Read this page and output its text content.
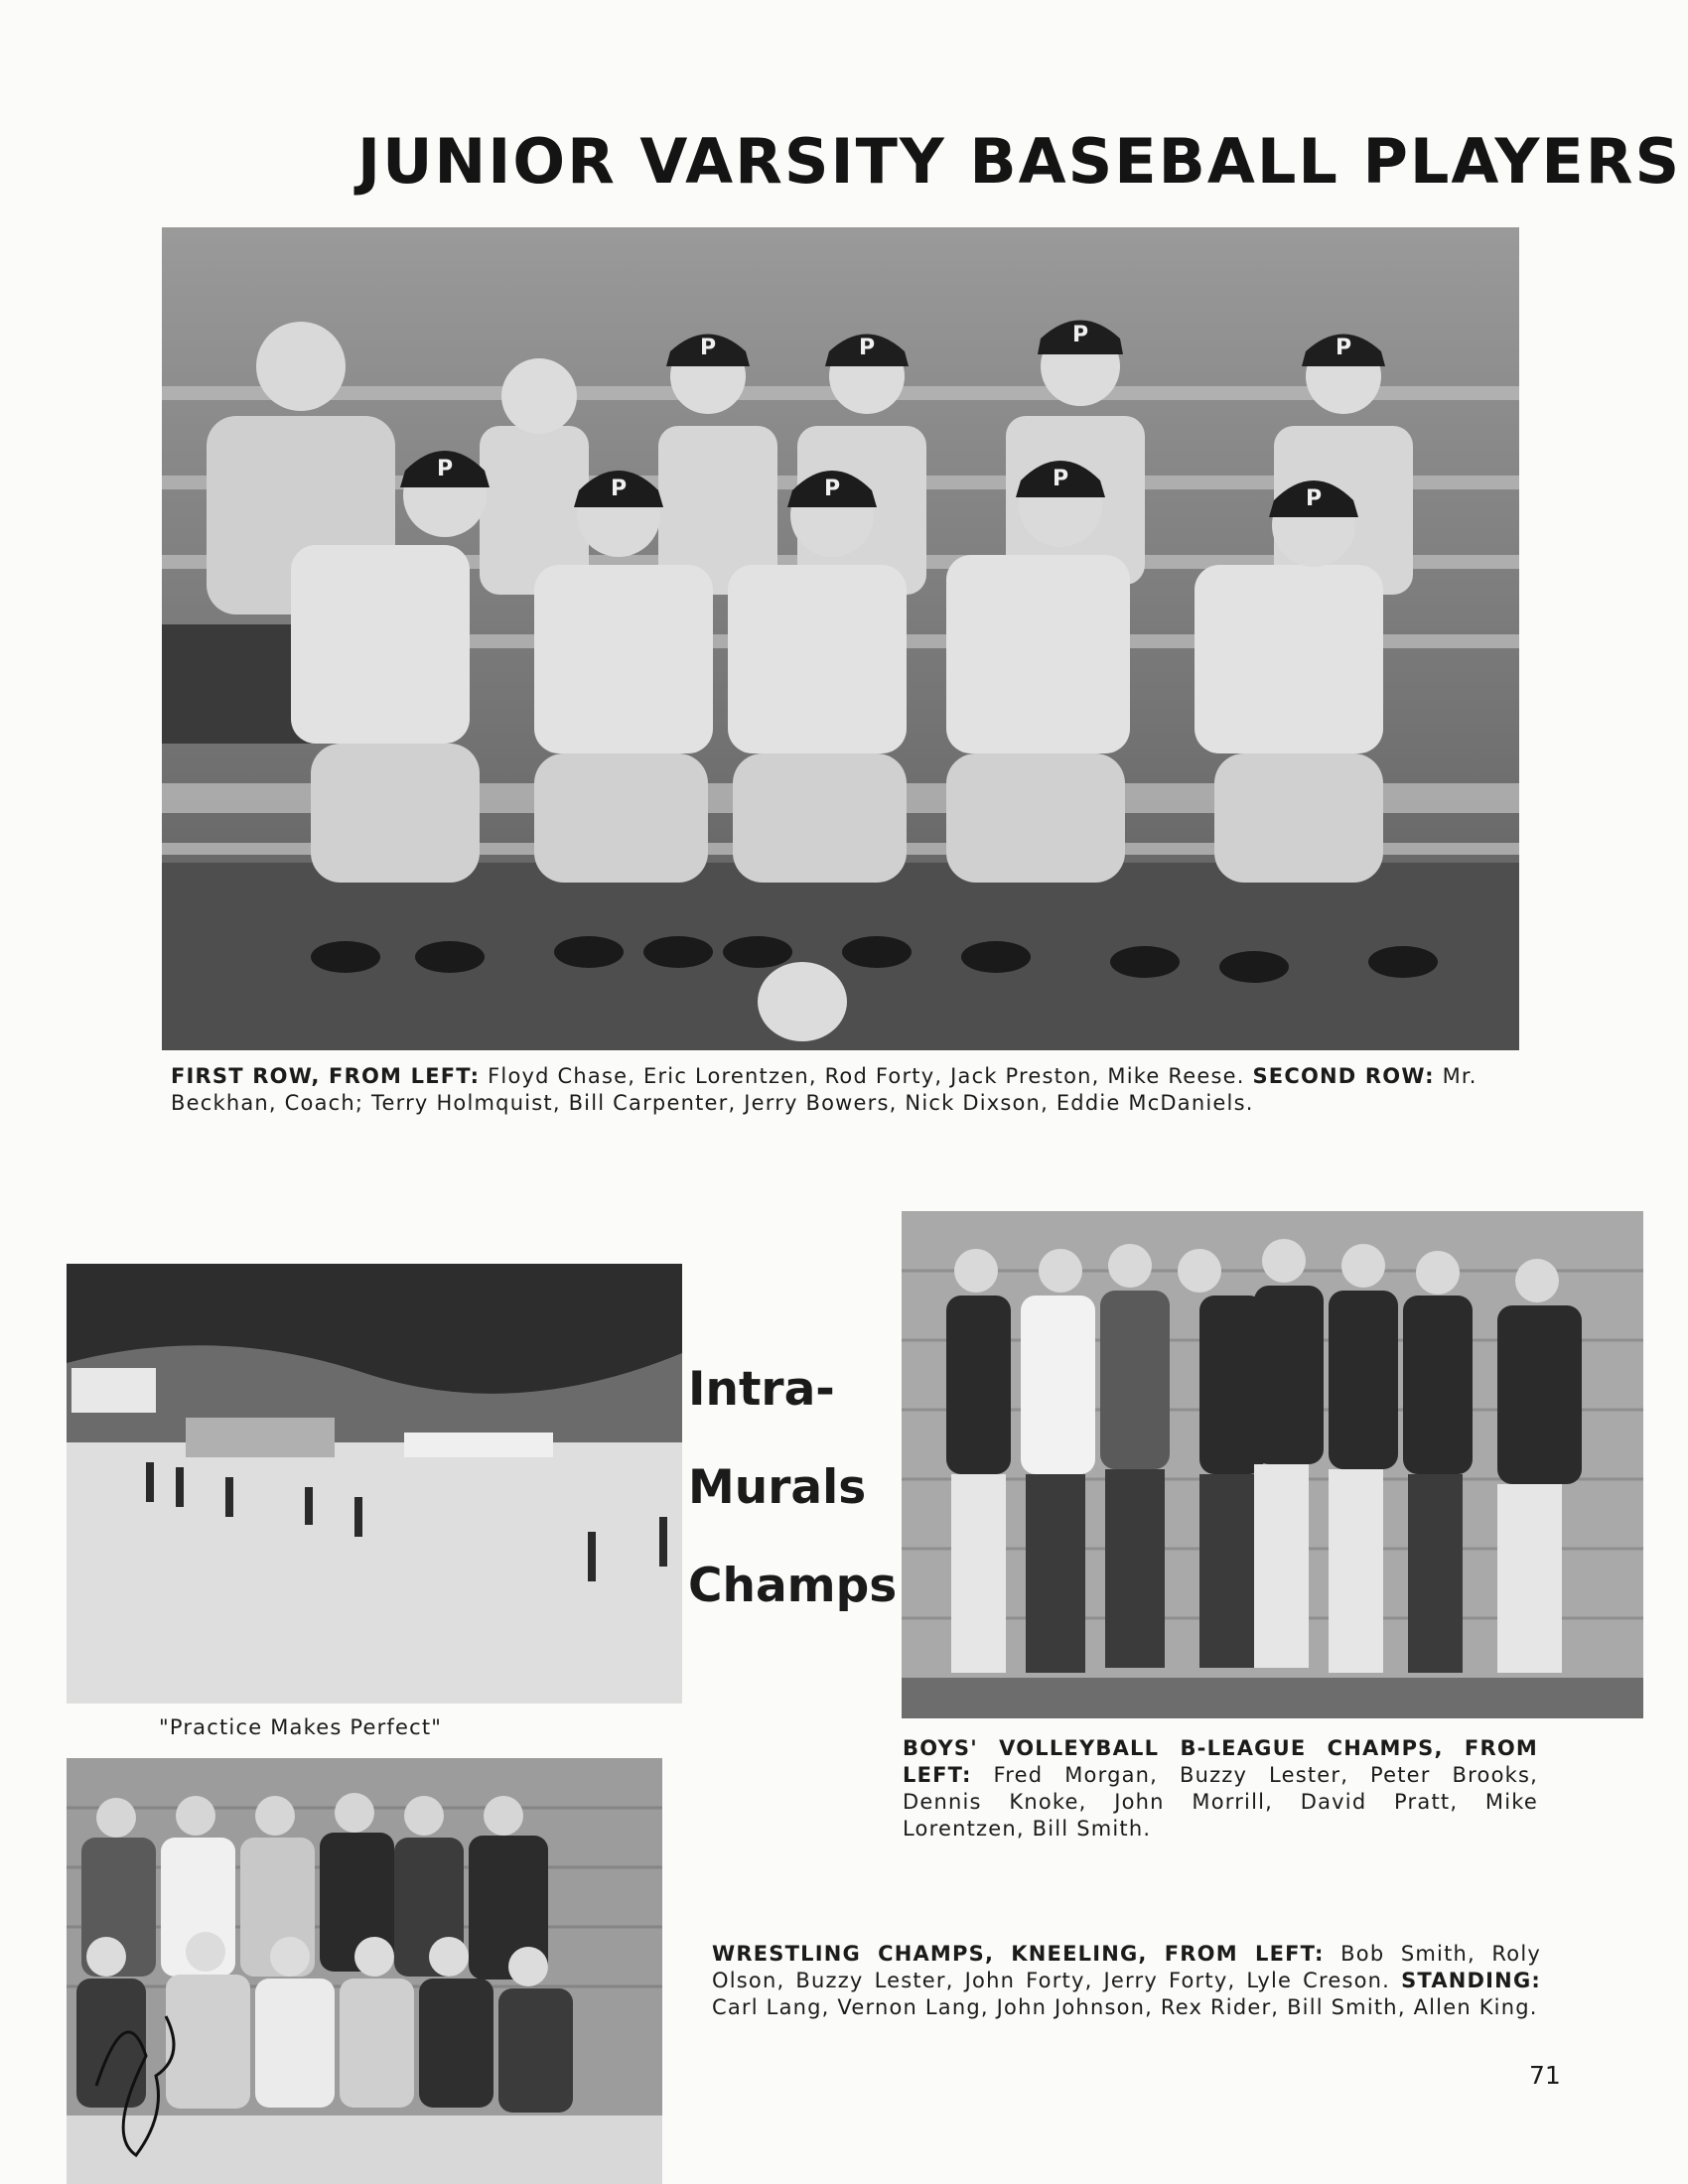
JUNIOR VARSITY BASEBALL PLAYERS
P	P
P
P
P
P	P	P
P
FIRST ROW, FROM LEFT: Floyd Chase, Eric Lorentzen, Rod Forty, Jack Preston, Mike Reese. SECOND ROW: Mr. Beckhan, Coach; Terry Holmquist, Bill Carpenter, Jerry Bowers, Nick Dixson, Eddie McDaniels.
"Practice Makes Perfect"
Intra-
Murals
Champs
BOYS' VOLLEYBALL B-LEAGUE CHAMPS, FROM LEFT: Fred Morgan, Buzzy Lester, Peter Brooks, Dennis Knoke, John Morrill, David Pratt, Mike Lorentzen, Bill Smith.
WRESTLING CHAMPS, KNEELING, FROM LEFT: Bob Smith, Roly Olson, Buzzy Lester, John Forty, Jerry Forty, Lyle Creson. STANDING: Carl Lang, Vernon Lang, John Johnson, Rex Rider, Bill Smith, Allen King.
71
